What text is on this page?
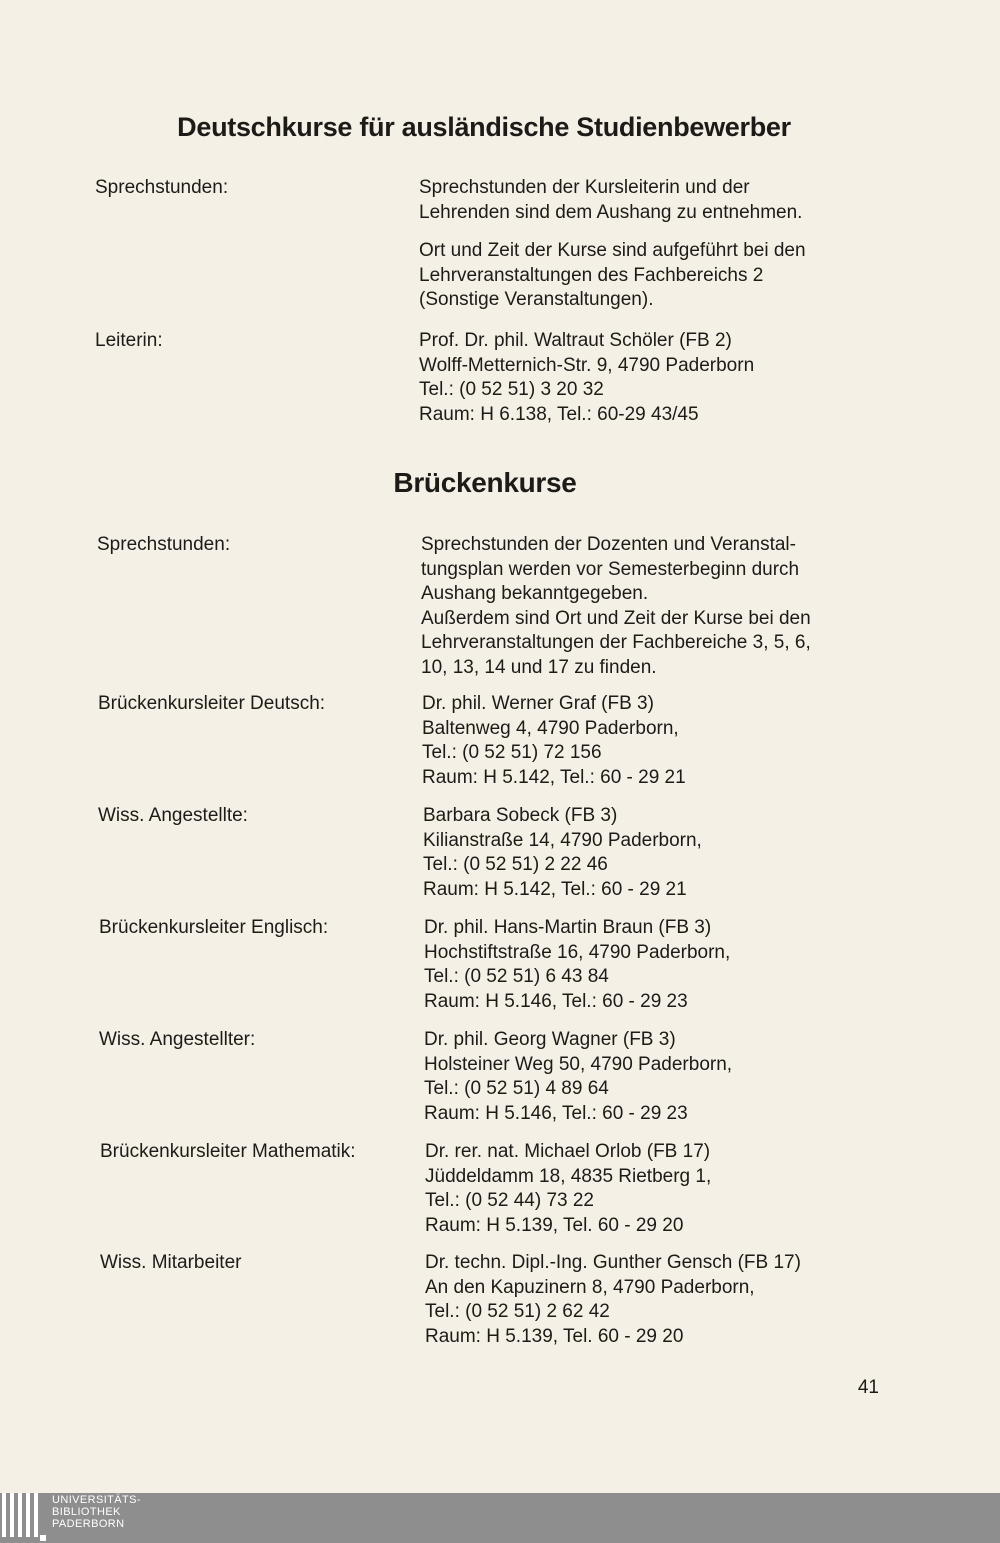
Deutschkurse für ausländische Studienbewerber
Sprechstunden:	Sprechstunden der Kursleiterin und der
Lehrenden sind dem Aushang zu entnehmen.
Ort und Zeit der Kurse sind aufgeführt bei den
Lehrveranstaltungen des Fachbereichs 2
(Sonstige Veranstaltungen).
Leiterin:	Prof. Dr. phil. Waltraut Schöler (FB 2)
Wolff-Metternich-Str. 9, 4790 Paderborn
Tel.: (0 52 51) 3 20 32
Raum: H 6.138, Tel.: 60-29 43/45
Brückenkurse
Sprechstunden:	Sprechstunden der Dozenten und Veranstal-
tungsplan werden vor Semesterbeginn durch
Aushang bekanntgegeben.
Außerdem sind Ort und Zeit der Kurse bei den
Lehrveranstaltungen der Fachbereiche 3, 5, 6,
10, 13, 14 und 17 zu finden.
Brückenkursleiter Deutsch:	Dr. phil. Werner Graf (FB 3)
Baltenweg 4, 4790 Paderborn,
Tel.: (0 52 51) 72 156
Raum: H 5.142, Tel.: 60 - 29 21
Wiss. Angestellte:	Barbara Sobeck (FB 3)
Kilianstraße 14, 4790 Paderborn,
Tel.: (0 52 51) 2 22 46
Raum: H 5.142, Tel.: 60 - 29 21
Brückenkursleiter Englisch:	Dr. phil. Hans-Martin Braun (FB 3)
Hochstiftstraße 16, 4790 Paderborn,
Tel.: (0 52 51) 6 43 84
Raum: H 5.146, Tel.: 60 - 29 23
Wiss. Angestellter:	Dr. phil. Georg Wagner (FB 3)
Holsteiner Weg 50, 4790 Paderborn,
Tel.: (0 52 51) 4 89 64
Raum: H 5.146, Tel.: 60 - 29 23
Brückenkursleiter Mathematik:	Dr. rer. nat. Michael Orlob (FB 17)
Jüddeldamm 18, 4835 Rietberg 1,
Tel.: (0 52 44) 73 22
Raum: H 5.139, Tel. 60 - 29 20
Wiss. Mitarbeiter	Dr. techn. Dipl.-Ing. Gunther Gensch (FB 17)
An den Kapuzinern 8, 4790 Paderborn,
Tel.: (0 52 51) 2 62 42
Raum: H 5.139, Tel. 60 - 29 20
41
UNIVERSITÄTS-
BIBLIOTHEK
PADERBORN
